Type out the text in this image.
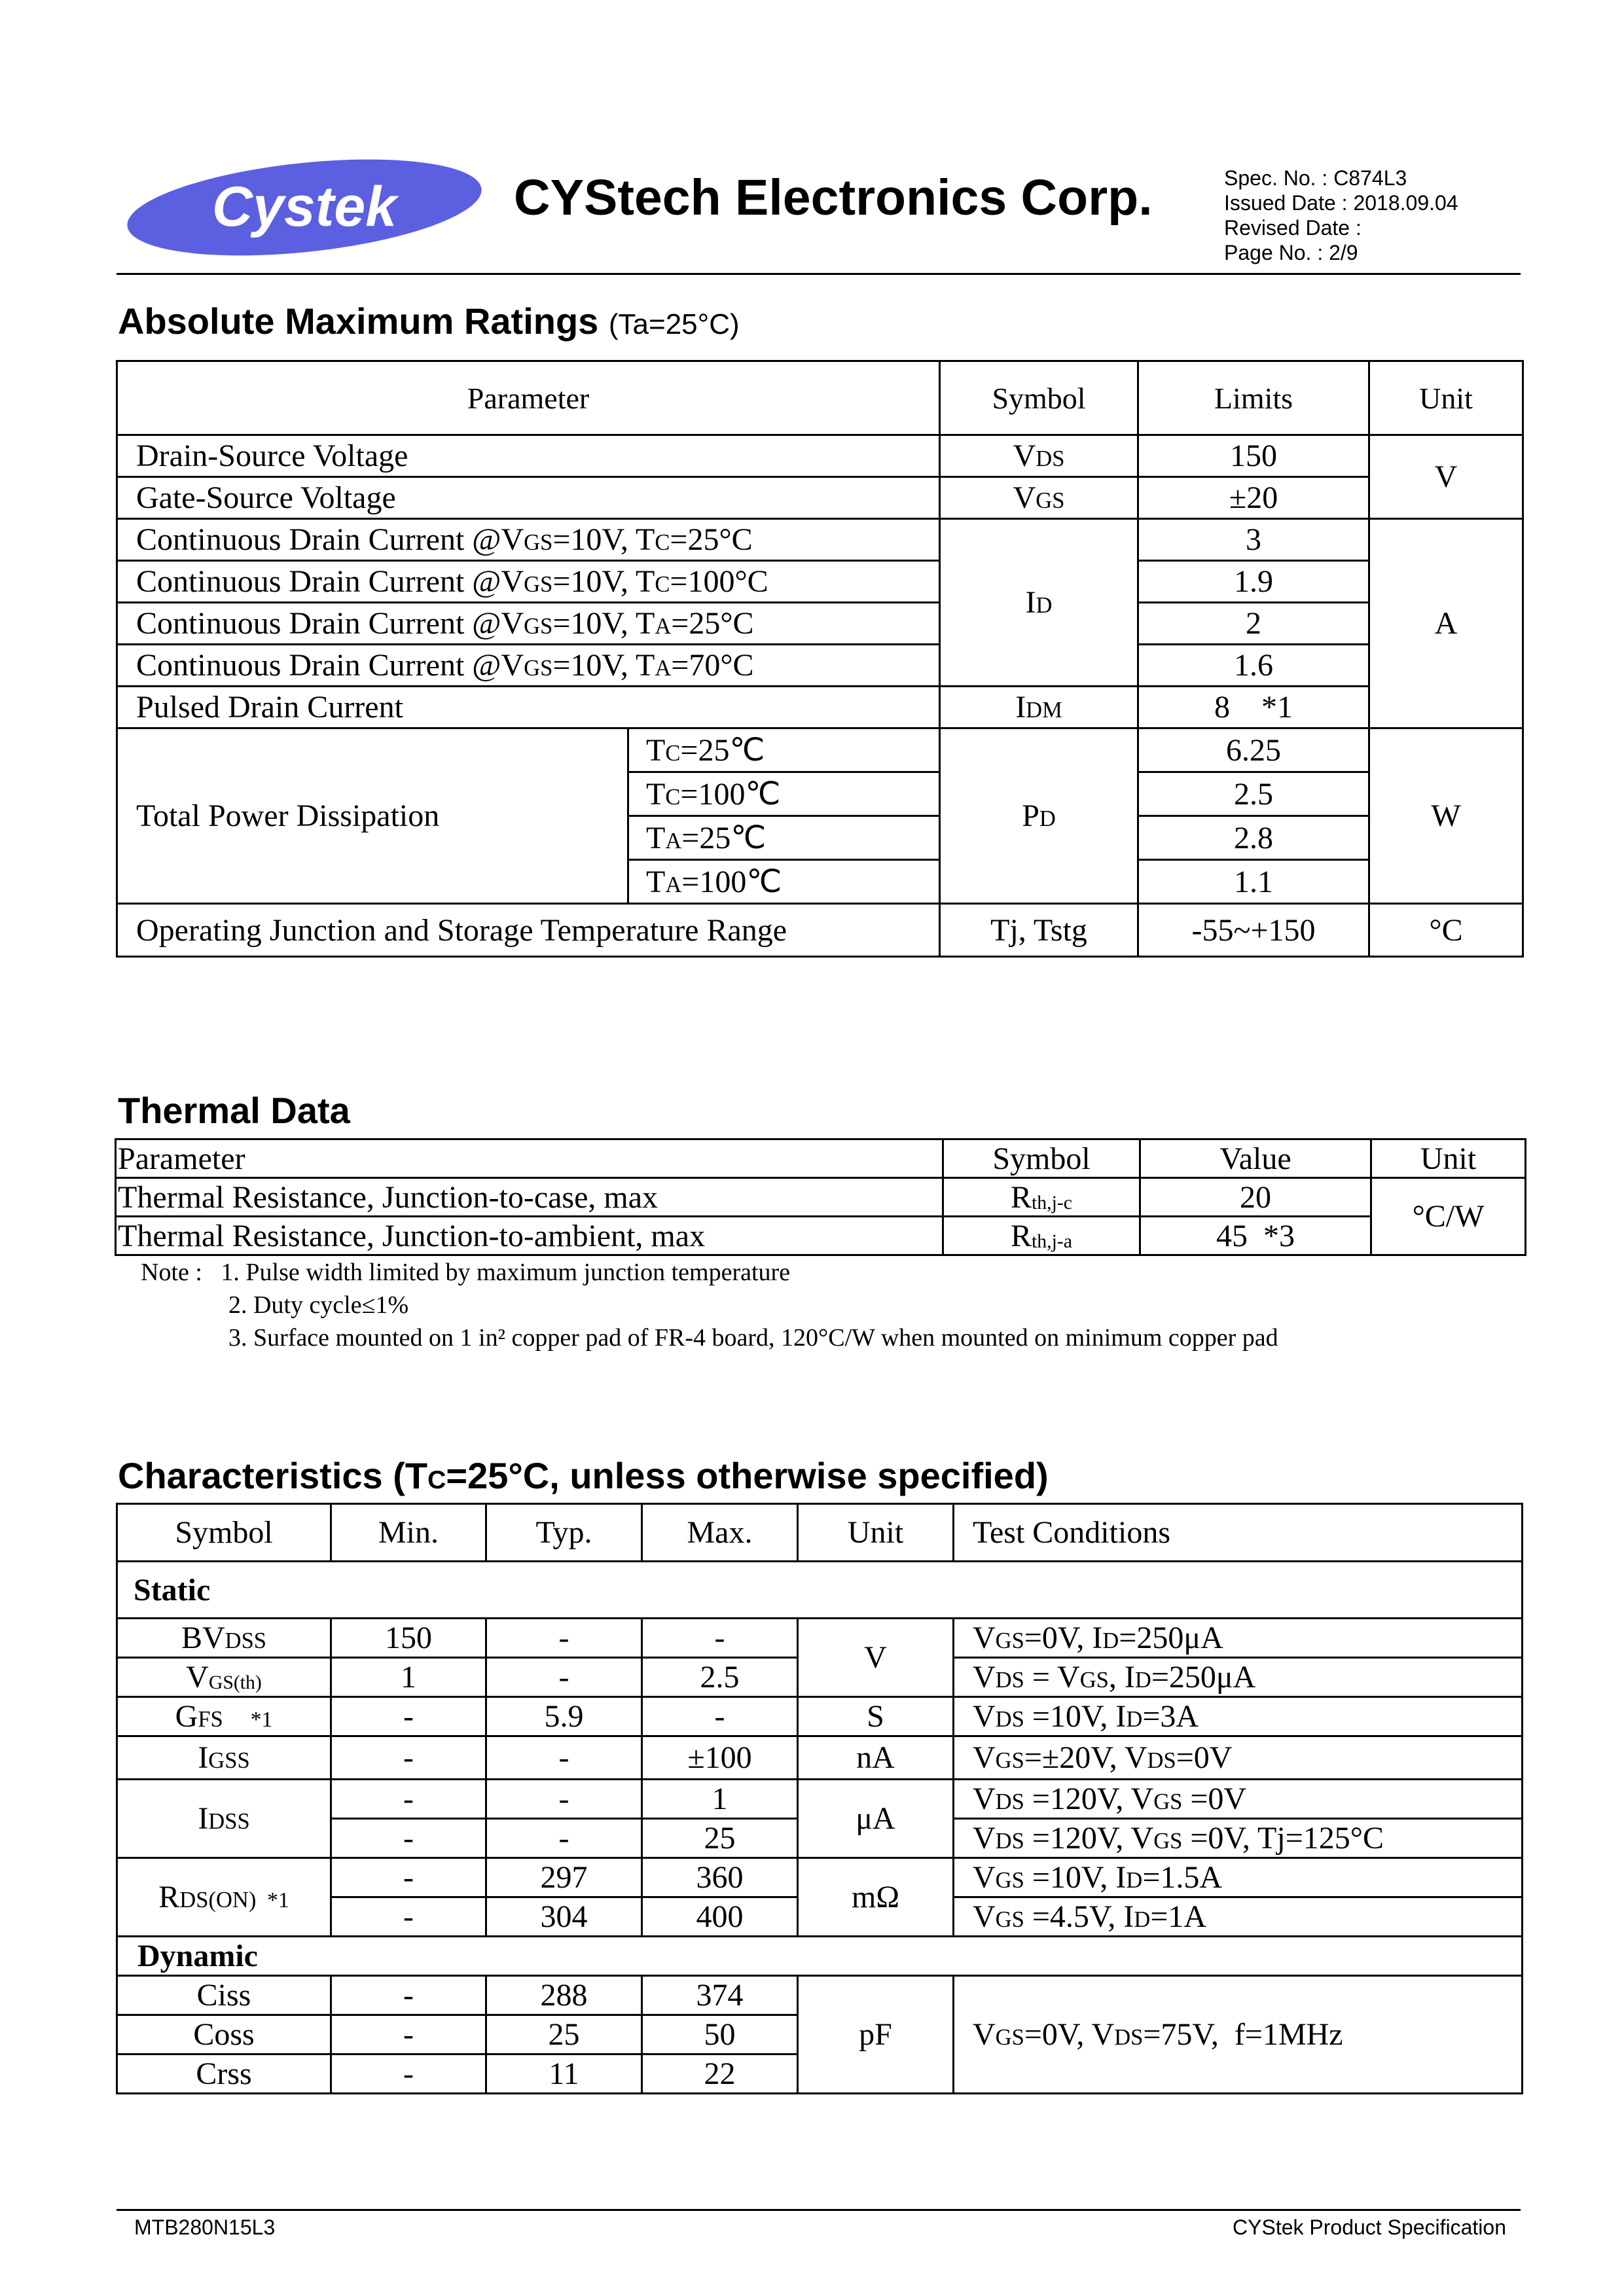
Cystek CYStech Electronics Corp.	Spec. No. : C874L3
Issued Date : 2018.09.04
Revised Date :
Page No. : 2/9
Absolute Maximum Ratings (Ta=25°C)
Parameter		Symbol	Limits	Unit
Drain-Source Voltage		VDS	150	V
Gate-Source Voltage		VGS	±20	
Continuous Drain Current @VGS=10V, TC=25°C		ID	3	A
Continuous Drain Current @VGS=10V, TC=100°C			1.9	
Continuous Drain Current @VGS=10V, TA=25°C			2	
Continuous Drain Current @VGS=10V, TA=70°C			1.6	
Pulsed Drain Current		IDM	8    *1	
Total Power Dissipation	TC=25℃	PD	6.25	W
	TC=100℃		2.5	
	TA=25℃		2.8	
	TA=100℃		1.1	
Operating Junction and Storage Temperature Range		Tj, Tstg	-55~+150	°C
Thermal Data
Parameter	Symbol	Value	Unit
Thermal Resistance, Junction-to-case, max	$R_{th,j-c}$	20	°C/W
Thermal Resistance, Junction-to-ambient, max	$R_{th,j-a}$	45  *3	
Note :   1. Pulse width limited by maximum junction temperature
2. Duty cycle≤1%
3. Surface mounted on 1 in² copper pad of FR-4 board, 120°C/W when mounted on minimum copper pad
Characteristics (TC=25°C, unless otherwise specified)
Symbol	Min.	Typ.	Max.	Unit	Test Conditions
Static					
BVDSS	150	-	-	V	VGS=0V, ID=250μA
$V_{GS(th)}$	1	-	2.5		VDS = VGS, ID=250μA
GFS     *1	-	5.9	-	S	VDS =10V, ID=3A
IGSS	-	-	±100	nA	VGS=±20V, VDS=0V
IDSS	-	-	1	μA	VDS =120V, VGS =0V
	-	-	25		VDS =120V, VGS =0V, Tj=125°C
RDS(ON)  *1	-	297	360	mΩ	VGS =10V, ID=1.5A
	-	304	400		VGS =4.5V, ID=1A
Dynamic					
Ciss	-	288	374	pF	VGS=0V, VDS=75V,  f=1MHz
Coss	-	25	50		
Crss	-	11	22		
MTB280N15L3	CYStek Product Specification
